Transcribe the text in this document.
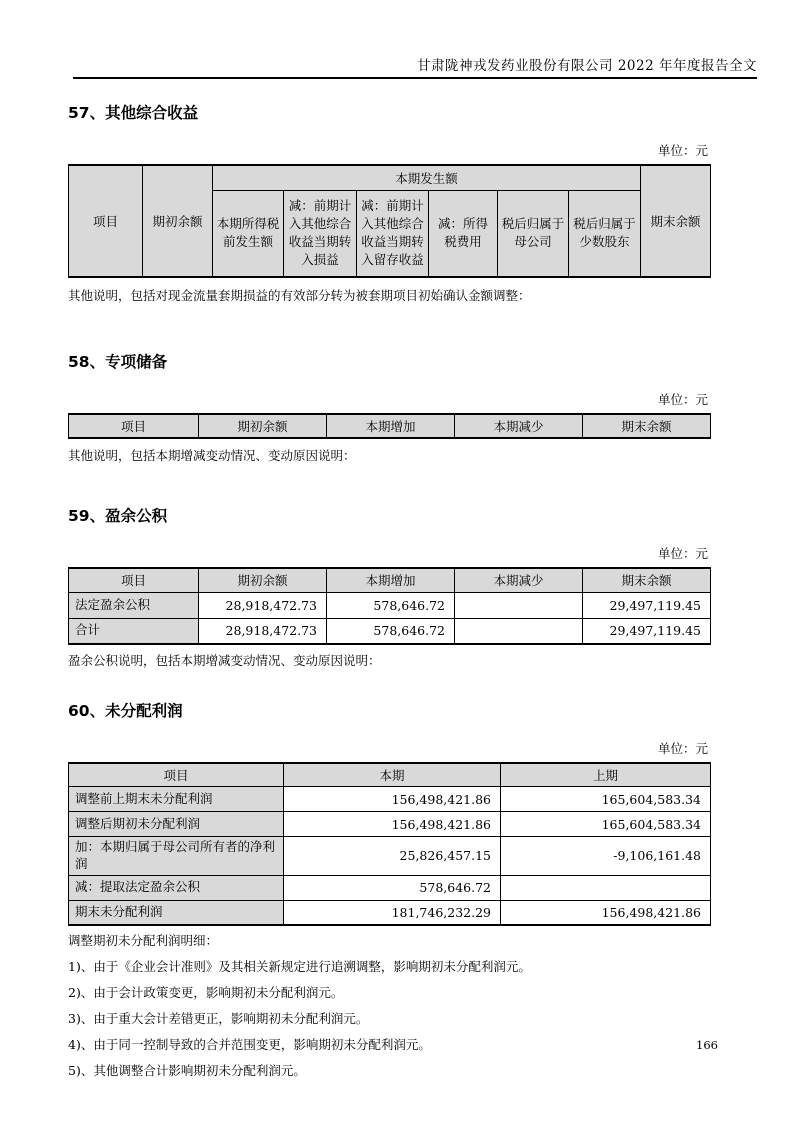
甘肃陇神戎发药业股份有限公司 2022 年年度报告全文
57、其他综合收益
单位：元
项目	期初余额	本期发生额						期末余额
		本期所得税前发生额	减：前期计入其他综合收益当期转入损益	减：前期计入其他综合收益当期转入留存收益	减：所得税费用	税后归属于母公司	税后归属于少数股东	

其他说明，包括对现金流量套期损益的有效部分转为被套期项目初始确认金额调整：

58、专项储备
单位：元
项目	期初余额	本期增加	本期减少	期末余额

其他说明，包括本期增减变动情况、变动原因说明：

59、盈余公积
单位：元
项目	期初余额	本期增加	本期减少	期末余额
法定盈余公积	28,918,472.73	578,646.72		29,497,119.45
合计	28,918,472.73	578,646.72		29,497,119.45

盈余公积说明，包括本期增减变动情况、变动原因说明：

60、未分配利润
单位：元
项目	本期	上期
调整前上期末未分配利润	156,498,421.86	165,604,583.34
调整后期初未分配利润	156,498,421.86	165,604,583.34
加：本期归属于母公司所有者的净利润	25,826,457.15	-9,106,161.48
减：提取法定盈余公积	578,646.72	
期末未分配利润	181,746,232.29	156,498,421.86
调整期初未分配利润明细：
1)、由于《企业会计准则》及其相关新规定进行追溯调整，影响期初未分配利润元。
2)、由于会计政策变更，影响期初未分配利润元。
3)、由于重大会计差错更正，影响期初未分配利润元。
4)、由于同一控制导致的合并范围变更，影响期初未分配利润元。
5)、其他调整合计影响期初未分配利润元。
166
